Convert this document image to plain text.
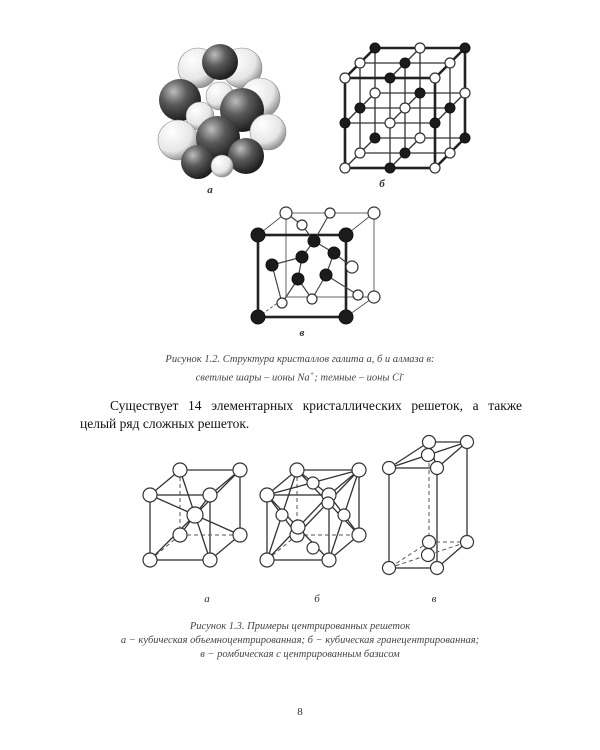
а	б
в
Рисунок 1.2. Структура кристаллов галита а, б и алмаза в:
светлые шары – ионы Na+; темные – ионы Cl-
Существует 14 элементарных кристаллических решеток, а также целый ряд сложных решеток.
а	б	в
Рисунок 1.3. Примеры центрированных решеток
а − кубическая объемноцентрированная; б − кубическая гранецентрированная;
в − ромбическая с центрированным базисом
8
